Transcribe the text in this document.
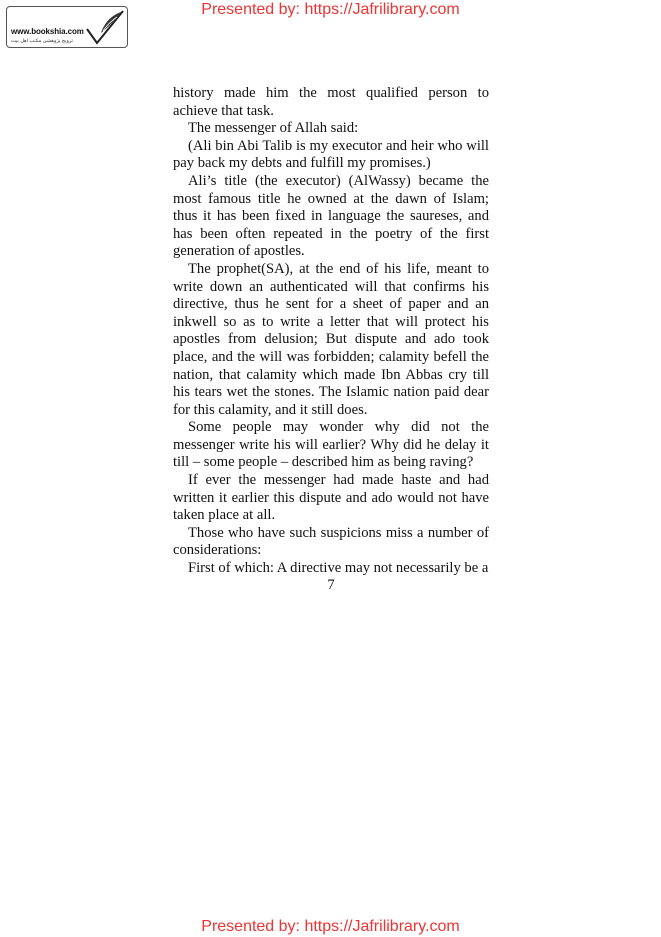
Presented by: https://Jafrilibrary.com
www.bookshia.com
ترویج پژوهشی مکتب اهل بیت

history made him the most qualified person to achieve that task.

The messenger of Allah said:

(Ali bin Abi Talib is my executor and heir who will pay back my debts and fulfill my promises.)

Ali’s title (the executor) (AlWassy) became the most famous title he owned at the dawn of Islam; thus it has been fixed in language the saureses, and has been often repeated in the poetry of the first generation of apostles.

The prophet(SA), at the end of his life, meant to write down an authenticated will that confirms his directive, thus he sent for a sheet of paper and an inkwell so as to write a letter that will protect his apostles from delusion; But dispute and ado took place, and the will was forbidden; calamity befell the nation, that calamity which made Ibn Abbas cry till his tears wet the stones. The Islamic nation paid dear for this calamity, and it still does.

Some people may wonder why did not the messenger write his will earlier? Why did he delay it till – some people – described him as being raving?

If ever the messenger had made haste and had written it earlier this dispute and ado would not have taken place at all.

Those who have such suspicions miss a number of considerations:

First of which: A directive may not necessarily be a

7
Presented by: https://Jafrilibrary.com
